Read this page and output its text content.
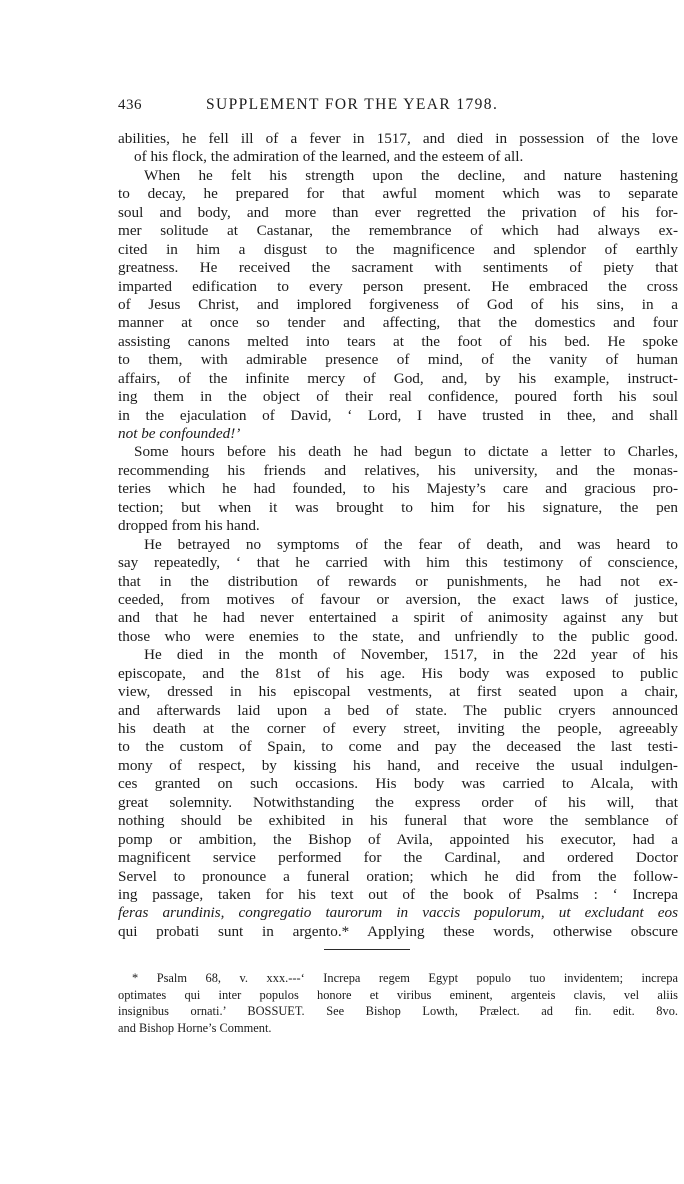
436	SUPPLEMENT FOR THE YEAR 1798.
abilities, he fell ill of a fever in 1517, and died in possession of the love
of his flock, the admiration of the learned, and the esteem of all.
When he felt his strength upon the decline, and nature hastening
to decay, he prepared for that awful moment which was to separate
soul and body, and more than ever regretted the privation of his for-
mer solitude at Castanar, the remembrance of which had always ex-
cited in him a disgust to the magnificence and splendor of earthly
greatness. He received the sacrament with sentiments of piety that
imparted edification to every person present. He embraced the cross
of Jesus Christ, and implored forgiveness of God of his sins, in a
manner at once so tender and affecting, that the domestics and four
assisting canons melted into tears at the foot of his bed. He spoke
to them, with admirable presence of mind, of the vanity of human
affairs, of the infinite mercy of God, and, by his example, instruct-
ing them in the object of their real confidence, poured forth his soul
in the ejaculation of David, ‘ Lord, I have trusted in thee, and shall
not be confounded!’
Some hours before his death he had begun to dictate a letter to Charles,
recommending his friends and relatives, his university, and the monas-
teries which he had founded, to his Majesty’s care and gracious pro-
tection; but when it was brought to him for his signature, the pen
dropped from his hand.
He betrayed no symptoms of the fear of death, and was heard to
say repeatedly, ‘ that he carried with him this testimony of conscience,
that in the distribution of rewards or punishments, he had not ex-
ceeded, from motives of favour or aversion, the exact laws of justice,
and that he had never entertained a spirit of animosity against any but
those who were enemies to the state, and unfriendly to the public good.
He died in the month of November, 1517, in the 22d year of his
episcopate, and the 81st of his age. His body was exposed to public
view, dressed in his episcopal vestments, at first seated upon a chair,
and afterwards laid upon a bed of state. The public cryers announced
his death at the corner of every street, inviting the people, agreeably
to the custom of Spain, to come and pay the deceased the last testi-
mony of respect, by kissing his hand, and receive the usual indulgen-
ces granted on such occasions. His body was carried to Alcala, with
great solemnity. Notwithstanding the express order of his will, that
nothing should be exhibited in his funeral that wore the semblance of
pomp or ambition, the Bishop of Avila, appointed his executor, had a
magnificent service performed for the Cardinal, and ordered Doctor
Servel to pronounce a funeral oration; which he did from the follow-
ing passage, taken for his text out of the book of Psalms : ‘ Increpa
feras arundinis, congregatio taurorum in vaccis populorum, ut excludant eos
qui probati sunt in argento.* Applying these words, otherwise obscure
* Psalm 68, v. xxx.---‘ Increpa regem Egypt populo tuo invidentem; increpa
optimates qui inter populos honore et viribus eminent, argenteis clavis, vel aliis
insignibus ornati.’ BOSSUET. See Bishop Lowth, Prælect. ad fin. edit. 8vo.
and Bishop Horne’s Comment.
